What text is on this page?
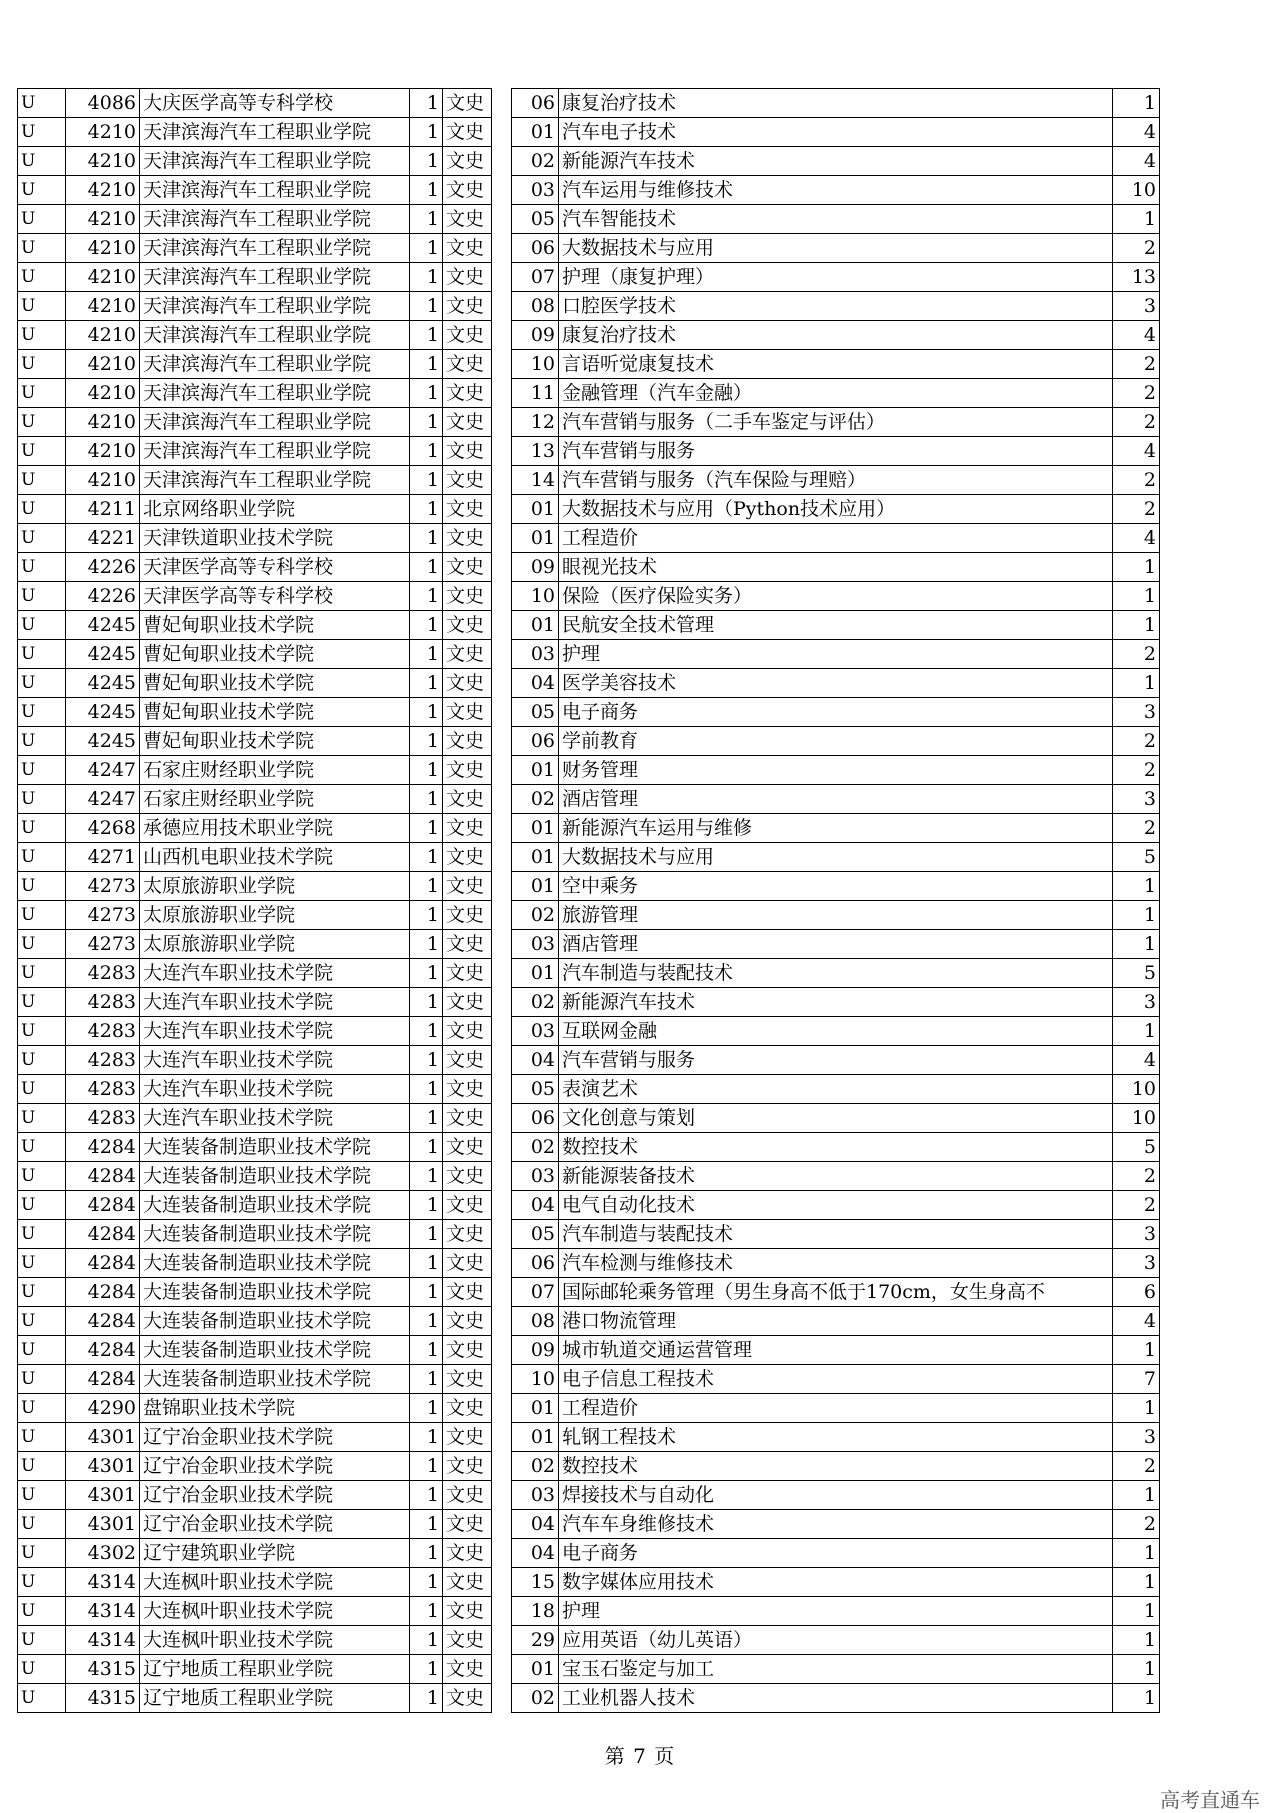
U	4086	大庆医学高等专科学校	1	文史		06	康复治疗技术	1
U	4210	天津滨海汽车工程职业学院	1	文史		01	汽车电子技术	4
U	4210	天津滨海汽车工程职业学院	1	文史		02	新能源汽车技术	4
U	4210	天津滨海汽车工程职业学院	1	文史		03	汽车运用与维修技术	10
U	4210	天津滨海汽车工程职业学院	1	文史		05	汽车智能技术	1
U	4210	天津滨海汽车工程职业学院	1	文史		06	大数据技术与应用	2
U	4210	天津滨海汽车工程职业学院	1	文史		07	护理（康复护理）	13
U	4210	天津滨海汽车工程职业学院	1	文史		08	口腔医学技术	3
U	4210	天津滨海汽车工程职业学院	1	文史		09	康复治疗技术	4
U	4210	天津滨海汽车工程职业学院	1	文史		10	言语听觉康复技术	2
U	4210	天津滨海汽车工程职业学院	1	文史		11	金融管理（汽车金融）	2
U	4210	天津滨海汽车工程职业学院	1	文史		12	汽车营销与服务（二手车鉴定与评估）	2
U	4210	天津滨海汽车工程职业学院	1	文史		13	汽车营销与服务	4
U	4210	天津滨海汽车工程职业学院	1	文史		14	汽车营销与服务（汽车保险与理赔）	2
U	4211	北京网络职业学院	1	文史		01	大数据技术与应用（Python技术应用）	2
U	4221	天津铁道职业技术学院	1	文史		01	工程造价	4
U	4226	天津医学高等专科学校	1	文史		09	眼视光技术	1
U	4226	天津医学高等专科学校	1	文史		10	保险（医疗保险实务）	1
U	4245	曹妃甸职业技术学院	1	文史		01	民航安全技术管理	1
U	4245	曹妃甸职业技术学院	1	文史		03	护理	2
U	4245	曹妃甸职业技术学院	1	文史		04	医学美容技术	1
U	4245	曹妃甸职业技术学院	1	文史		05	电子商务	3
U	4245	曹妃甸职业技术学院	1	文史		06	学前教育	2
U	4247	石家庄财经职业学院	1	文史		01	财务管理	2
U	4247	石家庄财经职业学院	1	文史		02	酒店管理	3
U	4268	承德应用技术职业学院	1	文史		01	新能源汽车运用与维修	2
U	4271	山西机电职业技术学院	1	文史		01	大数据技术与应用	5
U	4273	太原旅游职业学院	1	文史		01	空中乘务	1
U	4273	太原旅游职业学院	1	文史		02	旅游管理	1
U	4273	太原旅游职业学院	1	文史		03	酒店管理	1
U	4283	大连汽车职业技术学院	1	文史		01	汽车制造与装配技术	5
U	4283	大连汽车职业技术学院	1	文史		02	新能源汽车技术	3
U	4283	大连汽车职业技术学院	1	文史		03	互联网金融	1
U	4283	大连汽车职业技术学院	1	文史		04	汽车营销与服务	4
U	4283	大连汽车职业技术学院	1	文史		05	表演艺术	10
U	4283	大连汽车职业技术学院	1	文史		06	文化创意与策划	10
U	4284	大连装备制造职业技术学院	1	文史		02	数控技术	5
U	4284	大连装备制造职业技术学院	1	文史		03	新能源装备技术	2
U	4284	大连装备制造职业技术学院	1	文史		04	电气自动化技术	2
U	4284	大连装备制造职业技术学院	1	文史		05	汽车制造与装配技术	3
U	4284	大连装备制造职业技术学院	1	文史		06	汽车检测与维修技术	3
U	4284	大连装备制造职业技术学院	1	文史		07	国际邮轮乘务管理（男生身高不低于170cm，女生身高不	6
U	4284	大连装备制造职业技术学院	1	文史		08	港口物流管理	4
U	4284	大连装备制造职业技术学院	1	文史		09	城市轨道交通运营管理	1
U	4284	大连装备制造职业技术学院	1	文史		10	电子信息工程技术	7
U	4290	盘锦职业技术学院	1	文史		01	工程造价	1
U	4301	辽宁冶金职业技术学院	1	文史		01	轧钢工程技术	3
U	4301	辽宁冶金职业技术学院	1	文史		02	数控技术	2
U	4301	辽宁冶金职业技术学院	1	文史		03	焊接技术与自动化	1
U	4301	辽宁冶金职业技术学院	1	文史		04	汽车车身维修技术	2
U	4302	辽宁建筑职业学院	1	文史		04	电子商务	1
U	4314	大连枫叶职业技术学院	1	文史		15	数字媒体应用技术	1
U	4314	大连枫叶职业技术学院	1	文史		18	护理	1
U	4314	大连枫叶职业技术学院	1	文史		29	应用英语（幼儿英语）	1
U	4315	辽宁地质工程职业学院	1	文史		01	宝玉石鉴定与加工	1
U	4315	辽宁地质工程职业学院	1	文史		02	工业机器人技术	1
第 7 页
高考直通车
